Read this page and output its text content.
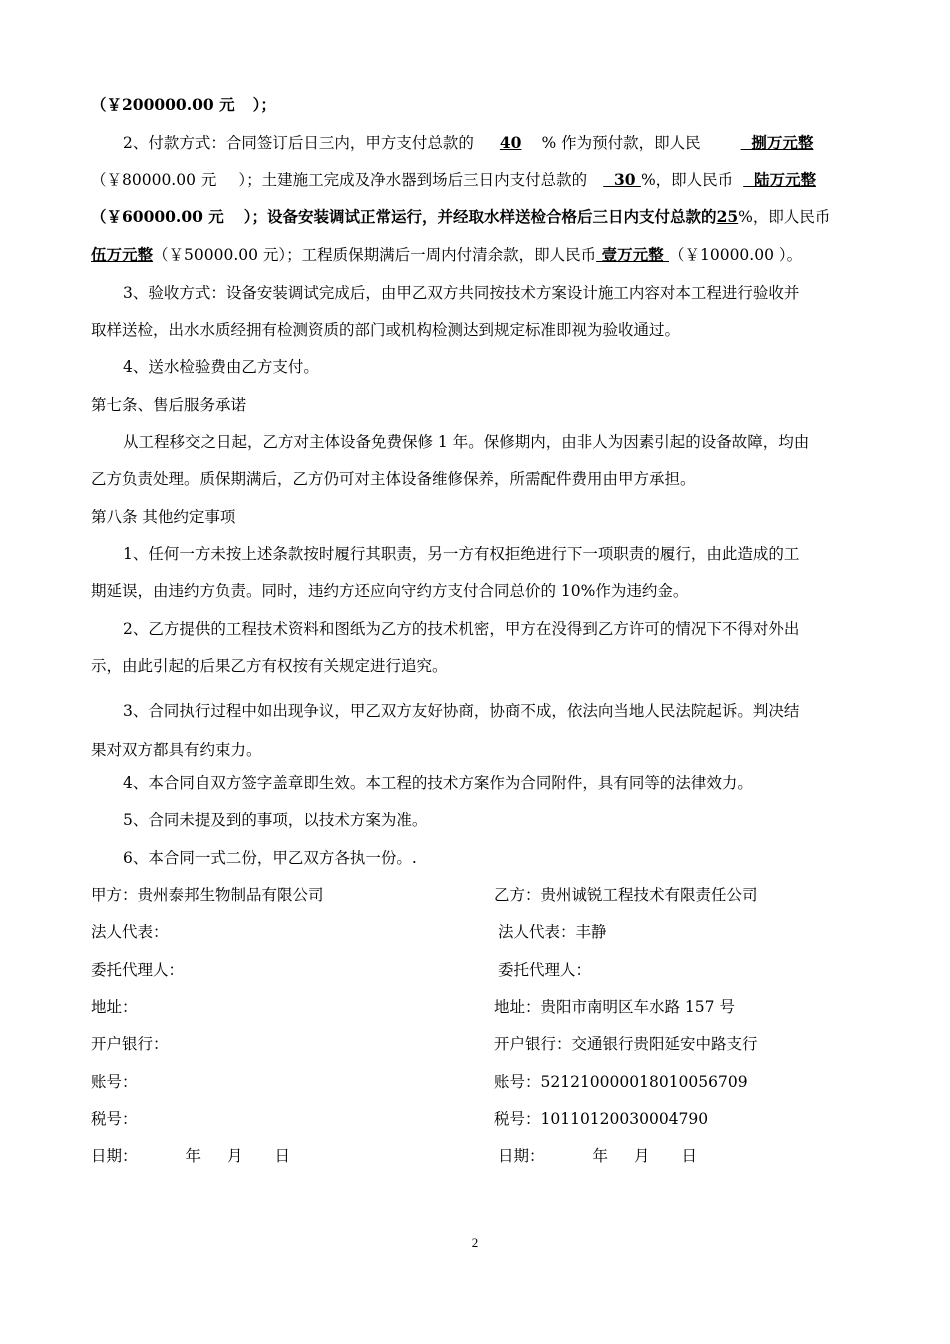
（￥200000.00 元 ）；
2、付款方式：合同签订后日三内，甲方支付总款的 40 % 作为预付款，即人民	捌万元整
（￥80000.00 元 ）；土建施工完成及净水器到场后三日内支付总款的 30 %，即人民币 陆万元整
（￥60000.00 元 ）；设备安装调试正常运行，并经取水样送检合格后三日内支付总款的25%，即人民币
伍万元整（￥50000.00 元）；工程质保期满后一周内付清余款，即人民币 壹万元整 （￥10000.00 ）。
3、验收方式：设备安装调试完成后，由甲乙双方共同按技术方案设计施工内容对本工程进行验收并
取样送检，出水水质经拥有检测资质的部门或机构检测达到规定标准即视为验收通过。
4、送水检验费由乙方支付。
第七条、售后服务承诺
从工程移交之日起，乙方对主体设备免费保修 1 年。保修期内，由非人为因素引起的设备故障，均由
乙方负责处理。质保期满后，乙方仍可对主体设备维修保养，所需配件费用由甲方承担。
第八条 其他约定事项
1、任何一方未按上述条款按时履行其职责，另一方有权拒绝进行下一项职责的履行，由此造成的工
期延误，由违约方负责。同时，违约方还应向守约方支付合同总价的 10%作为违约金。
2、乙方提供的工程技术资料和图纸为乙方的技术机密，甲方在没得到乙方许可的情况下不得对外出
示，由此引起的后果乙方有权按有关规定进行追究。
3、合同执行过程中如出现争议，甲乙双方友好协商，协商不成，依法向当地人民法院起诉。判决结
果对双方都具有约束力。
4、本合同自双方签字盖章即生效。本工程的技术方案作为合同附件，具有同等的法律效力。
5、合同未提及到的事项，以技术方案为准。
6、本合同一式二份，甲乙双方各执一份。.
甲方：贵州泰邦生物制品有限公司
法人代表：
委托代理人：
地址：
开户银行：
账号：
税号：
日期：	年 月 日
乙方：贵州诚锐工程技术有限责任公司
法人代表：丰静
委托代理人：
地址：贵阳市南明区车水路 157 号
开户银行：交通银行贵阳延安中路支行
账号：521210000018010056709
税号：10110120030004790
日期：	年 月 日
2
